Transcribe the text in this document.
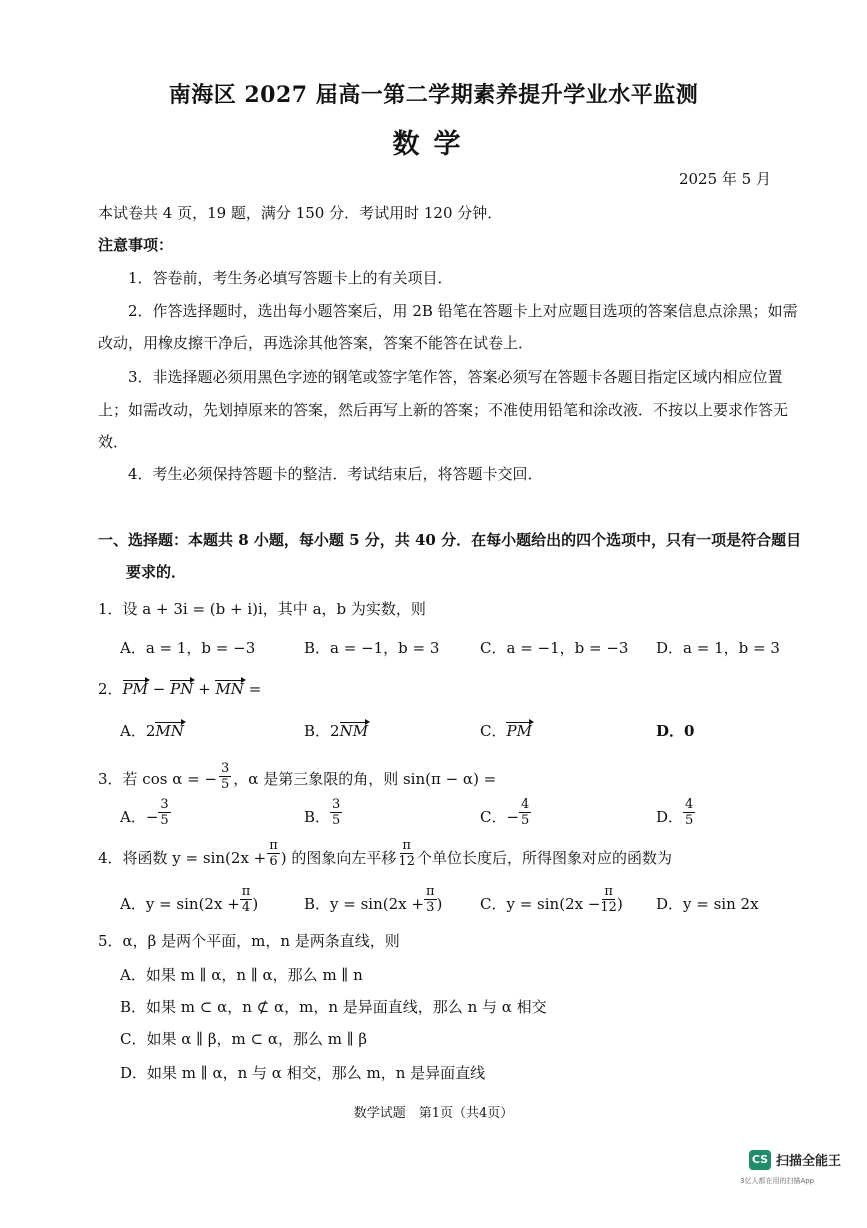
南海区 2027 届高一第二学期素养提升学业水平监测
数学
2025 年 5 月
本试卷共 4 页，19 题，满分 150 分．考试用时 120 分钟．
注意事项：
1．答卷前，考生务必填写答题卡上的有关项目．
2．作答选择题时，选出每小题答案后，用 2B 铅笔在答题卡上对应题目选项的答案信息点涂黑；如需
改动，用橡皮擦干净后，再选涂其他答案，答案不能答在试卷上．
3．非选择题必须用黑色字迹的钢笔或签字笔作答，答案必须写在答题卡各题目指定区域内相应位置
上；如需改动，先划掉原来的答案，然后再写上新的答案；不准使用铅笔和涂改液．不按以上要求作答无
效．
4．考生必须保持答题卡的整洁．考试结束后，将答题卡交回．
一、选择题：本题共 8 小题，每小题 5 分，共 40 分．在每小题给出的四个选项中，只有一项是符合题目
要求的．
1．设 a + 3i = (b + i)i，其中 a，b 为实数，则
A．a = 1，b = −3	B．a = −1，b = 3	C．a = −1，b = −3 D．a = 1，b = 3
2．PM − PN + MN =
A．2MN	B．2NM	C．PM	D．0
3．若 cos α = − $\frac{3}{5}$ ，α 是第三象限的角，则 sin(π − α) =
A．− $\frac{3}{5}$	B． $\frac{3}{5}$	C．− $\frac{4}{5}$	D． $\frac{4}{5}$
4．将函数 $y = \sin(2x + \frac{\pi}{6}$ ) 的图象向左平移 $\frac{\pi}{12}$ 个单位长度后，所得图象对应的函数为
A．$y = \sin(2x + \frac{\pi}{4}$ )	B．$y = \sin(2x + \frac{\pi}{3}$ )	C．$y = \sin(2x - \frac{\pi}{12}$ ) D．y = sin 2x
5．α，β 是两个平面，m，n 是两条直线，则
A．如果 m ∥ α，n ∥ α，那么 m ∥ n
B．如果 m ⊂ α，n ⊄ α，m，n 是异面直线，那么 n 与 α 相交
C．如果 α ∥ β，m ⊂ α，那么 m ∥ β
D．如果 m ∥ α，n 与 α 相交，那么 m，n 是异面直线
数学试题　第1页（共4页）
CS 扫描全能王
3亿人都在用的扫描App
